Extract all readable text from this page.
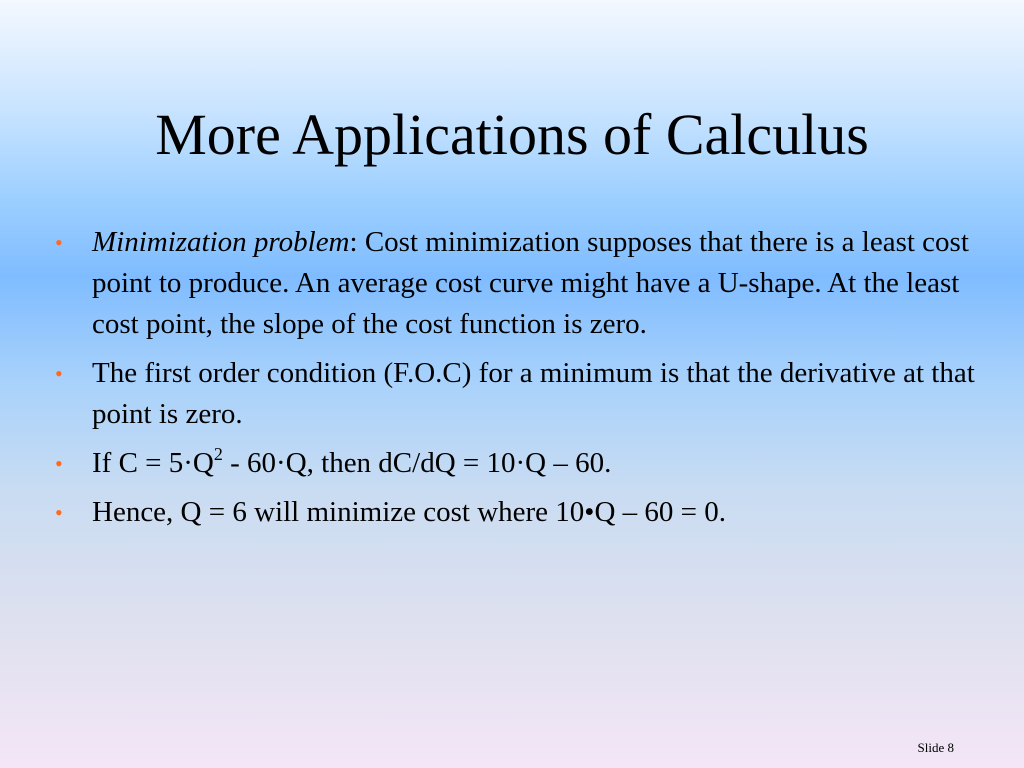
More Applications of Calculus
• Minimization problem: Cost minimization supposes that there is a least cost point to produce. An average cost curve might have a U-shape. At the least cost point, the slope of the cost function is zero.
• The first order condition (F.O.C) for a minimum is that the derivative at that point is zero.
• If $C = 5\cdot Q^2 - 60\cdot Q$, then dC/dQ = 10·Q – 60.
• Hence, Q = 6 will minimize cost where 10•Q – 60 = 0.
Slide 8
